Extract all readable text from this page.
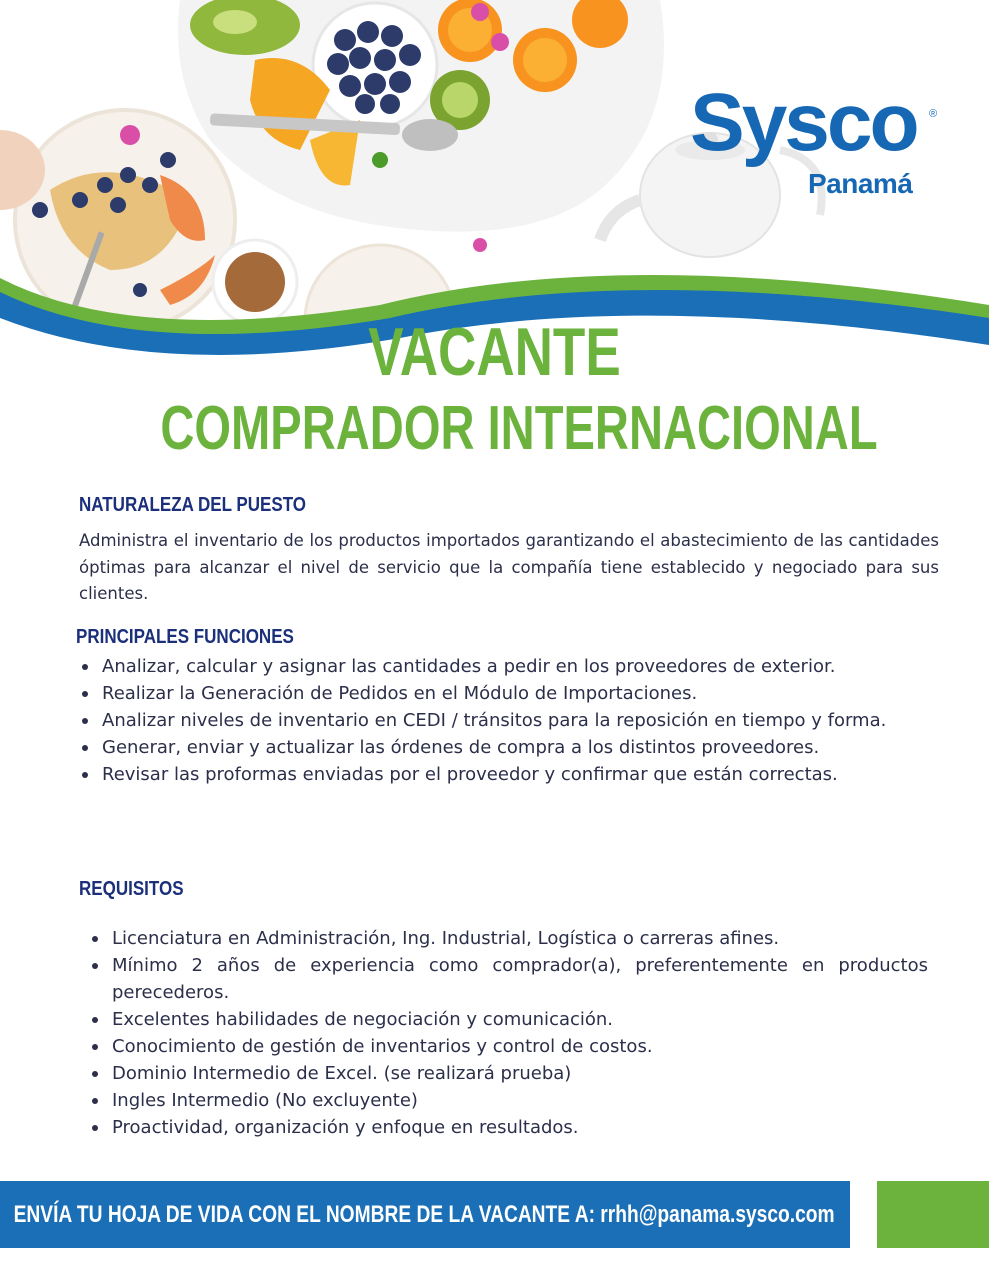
Sysco ®
Panamá
VACANTE
COMPRADOR INTERNACIONAL
NATURALEZA DEL PUESTO
Administra el inventario de los productos importados garantizando el abastecimiento de las cantidades óptimas para alcanzar el nivel de servicio que la compañía tiene establecido y negociado para sus clientes.
PRINCIPALES FUNCIONES
Analizar, calcular y asignar las cantidades a pedir en los proveedores de exterior.
Realizar la Generación de Pedidos en el Módulo de Importaciones.
Analizar niveles de inventario en CEDI / tránsitos para la reposición en tiempo y forma.
Generar, enviar y actualizar las órdenes de compra a los distintos proveedores.
Revisar las proformas enviadas por el proveedor y confirmar que están correctas.
REQUISITOS
Licenciatura en Administración, Ing. Industrial, Logística o carreras afines.
Mínimo 2 años de experiencia como comprador(a), preferentemente en productos perecederos.
Excelentes habilidades de negociación y comunicación.
Conocimiento de gestión de inventarios y control de costos.
Dominio Intermedio de Excel. (se realizará prueba)
Ingles Intermedio (No excluyente)
Proactividad, organización y enfoque en resultados.
ENVÍA TU HOJA DE VIDA CON EL NOMBRE DE LA VACANTE A: rrhh@panama.sysco.com
